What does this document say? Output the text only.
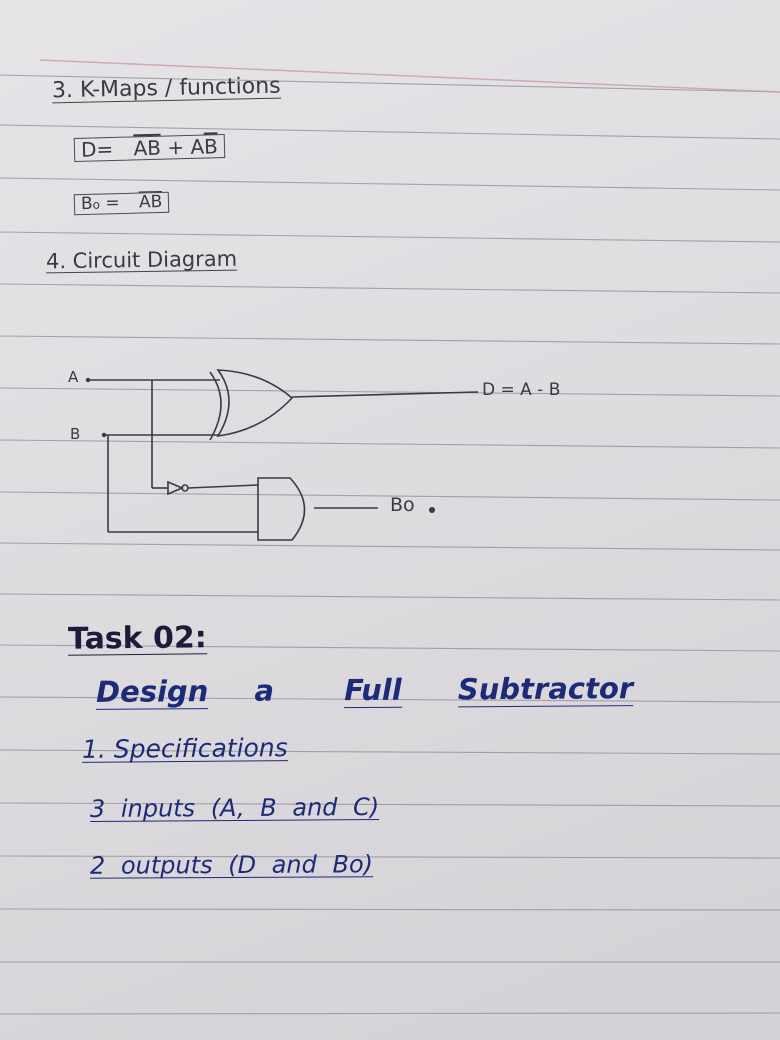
3. K-Maps / functions
$D= \overline{AB} + A\overline{B}$
$Bo = \overline{AB}$
4. Circuit Diagram
A
B
D = A - B
Bo
Task 02:
Design a Full Subtractor
1. Specifications
3 inputs (A, B and C)
2 outputs (D and Bo)
